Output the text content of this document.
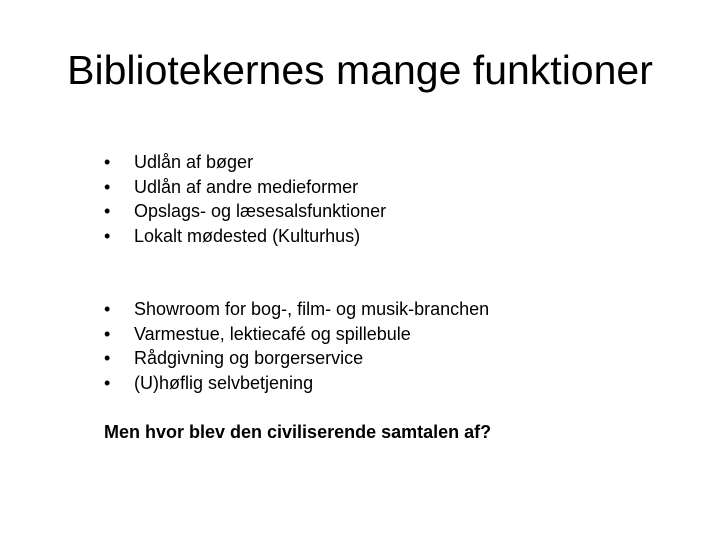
Bibliotekernes mange funktioner
• Udlån af bøger
• Udlån af andre medieformer
• Opslags- og læsesalsfunktioner
• Lokalt mødested (Kulturhus)
• Showroom for bog-, film- og musik-branchen
• Varmestue, lektiecafé og spillebule
• Rådgivning og borgerservice
• (U)høflig selvbetjening
Men hvor blev den civiliserende samtalen af?
